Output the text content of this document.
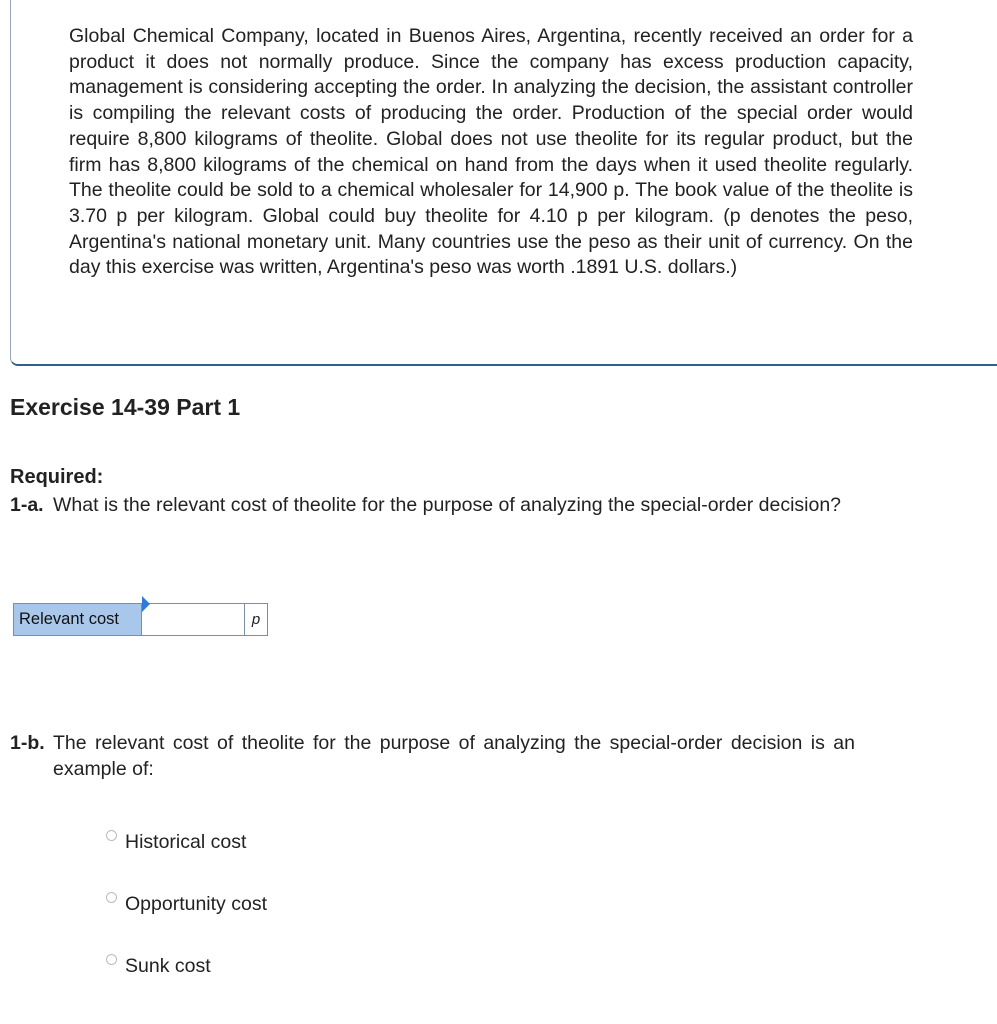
Global Chemical Company, located in Buenos Aires, Argentina, recently received an order for a product it does not normally produce. Since the company has excess production capacity, management is considering accepting the order. In analyzing the decision, the assistant controller is compiling the relevant costs of producing the order. Production of the special order would require 8,800 kilograms of theolite. Global does not use theolite for its regular product, but the firm has 8,800 kilograms of the chemical on hand from the days when it used theolite regularly. The theolite could be sold to a chemical wholesaler for 14,900 p. The book value of the theolite is 3.70 p per kilogram. Global could buy theolite for 4.10 p per kilogram. (p denotes the peso, Argentina's national monetary unit. Many countries use the peso as their unit of currency. On the day this exercise was written, Argentina's peso was worth .1891 U.S. dollars.)

Exercise 14-39 Part 1
Required:
1-a. What is the relevant cost of theolite for the purpose of analyzing the special-order decision?
Relevant cost	p
1-b. The relevant cost of theolite for the purpose of analyzing the special-order decision is an example of:
Historical cost
Opportunity cost
Sunk cost
